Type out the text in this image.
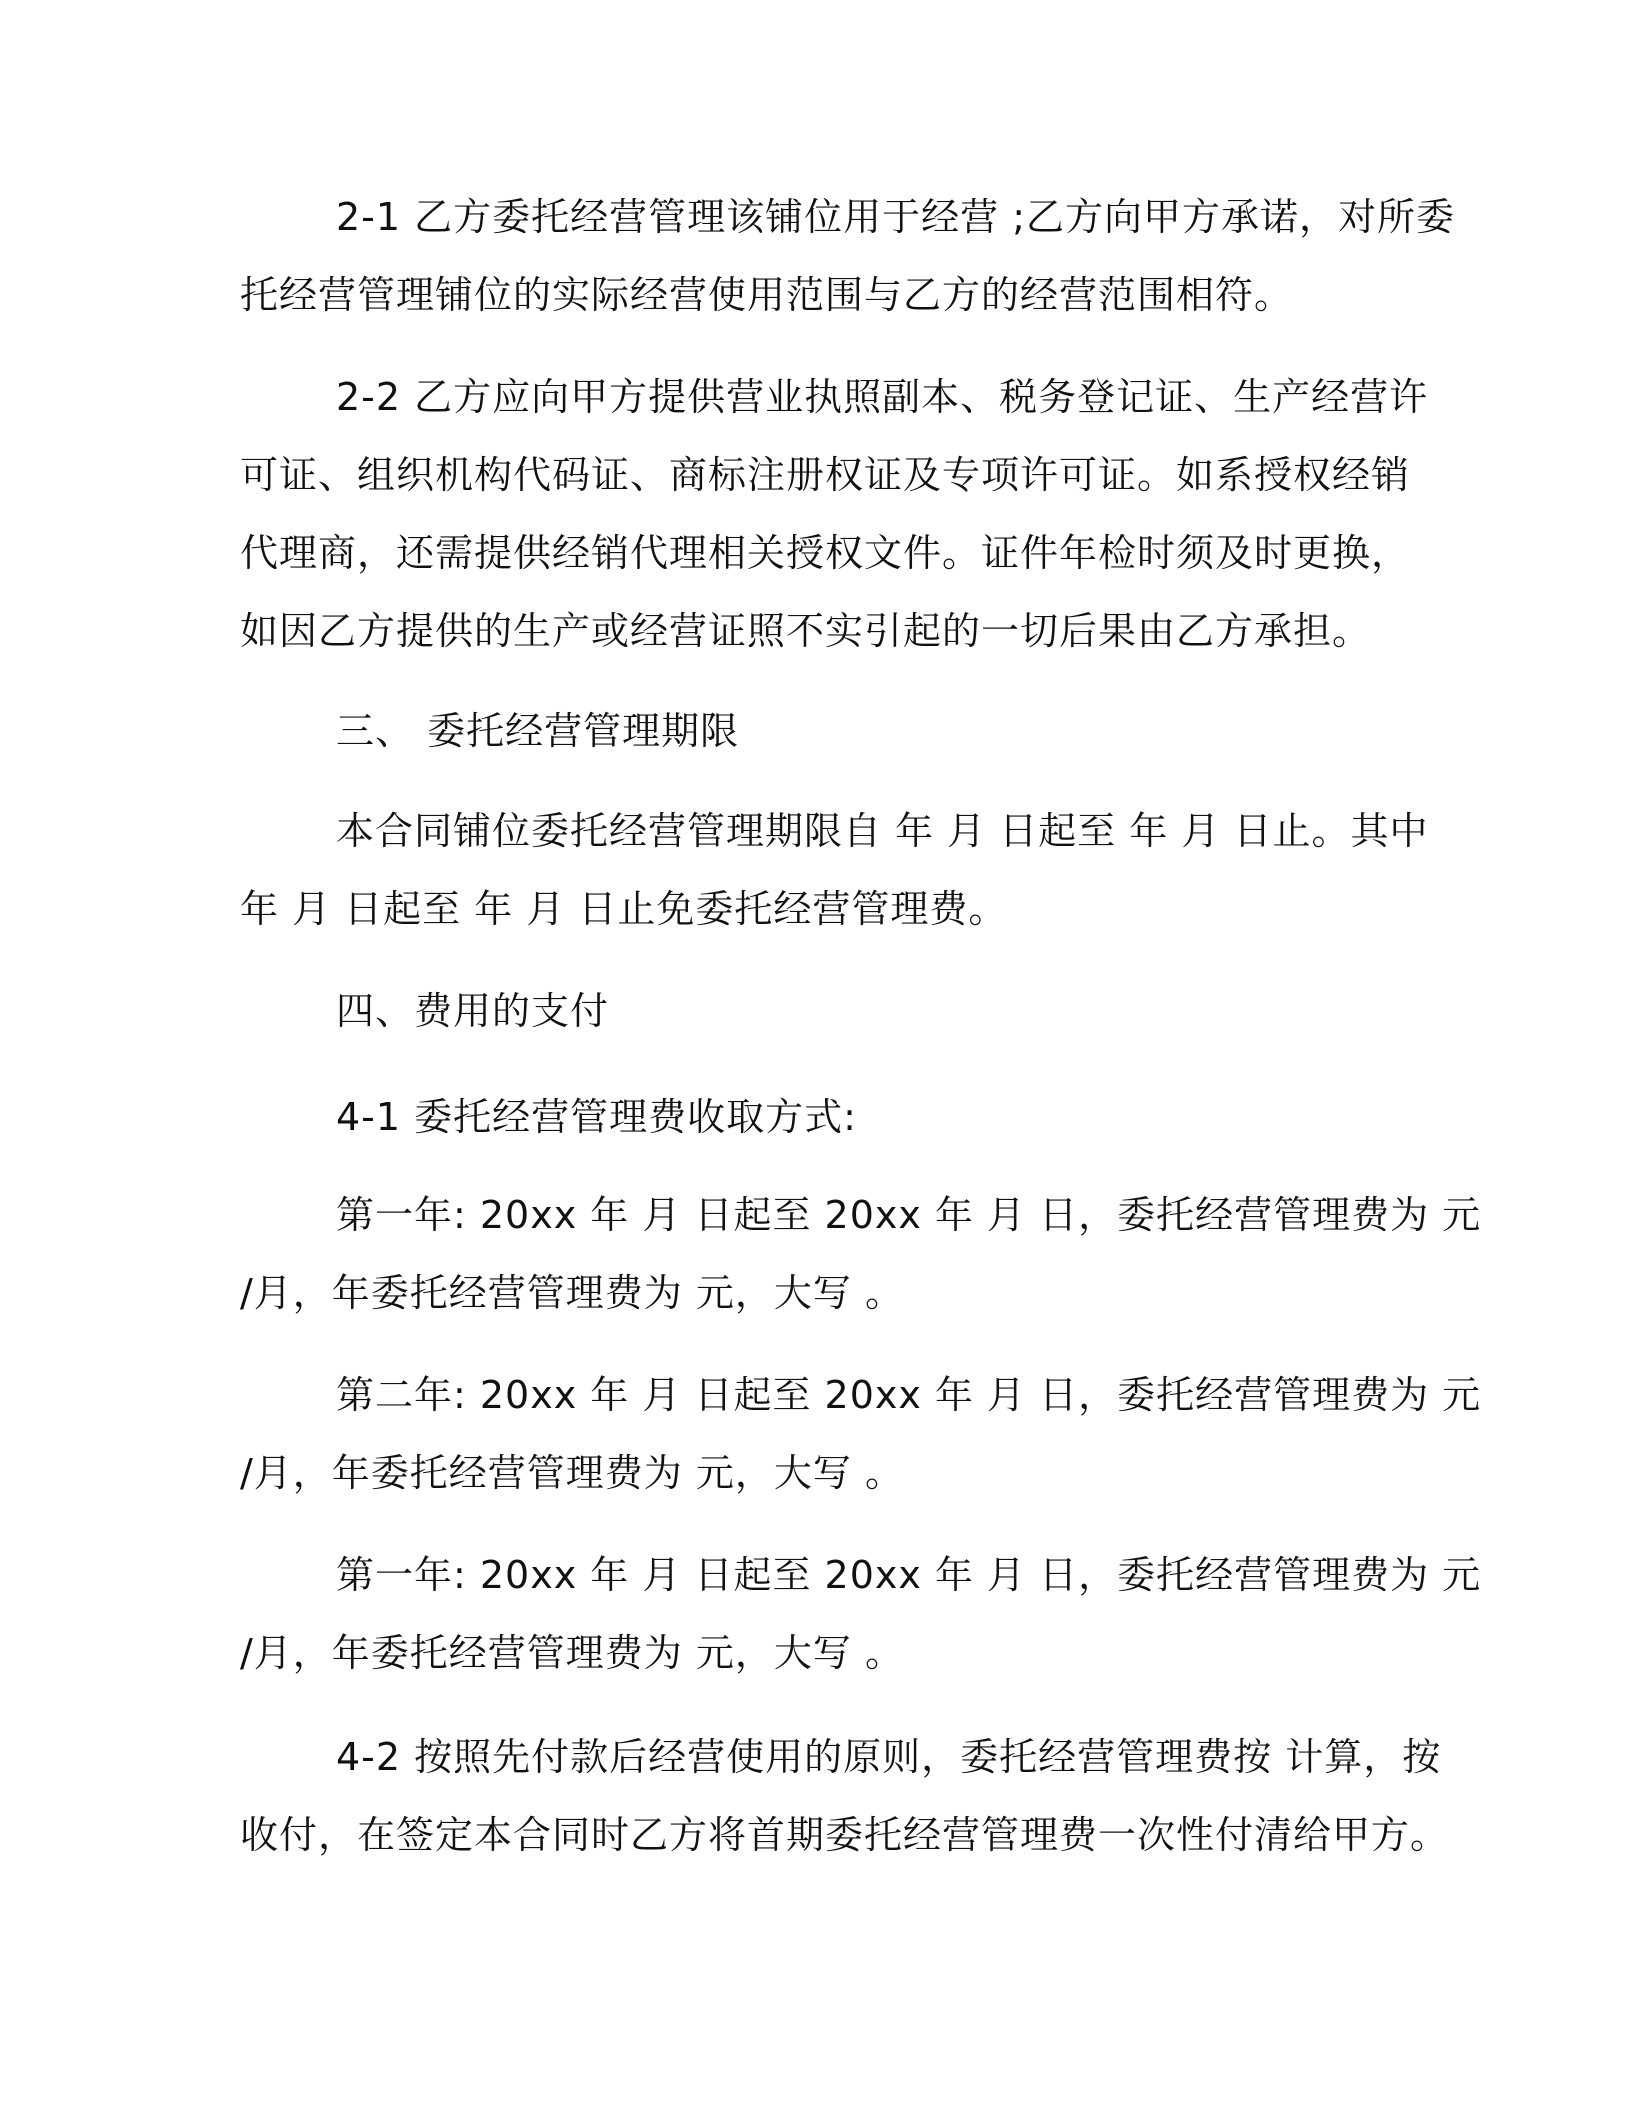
2-1 乙方委托经营管理该铺位用于经营 ;乙方向甲方承诺，对所委
托经营管理铺位的实际经营使用范围与乙方的经营范围相符。
2-2 乙方应向甲方提供营业执照副本、税务登记证、生产经营许
可证、组织机构代码证、商标注册权证及专项许可证。如系授权经销
代理商，还需提供经销代理相关授权文件。证件年检时须及时更换，
如因乙方提供的生产或经营证照不实引起的一切后果由乙方承担。
三、 委托经营管理期限
本合同铺位委托经营管理期限自 年 月 日起至 年 月 日止。其中
年 月 日起至 年 月 日止免委托经营管理费。
四、费用的支付
4-1 委托经营管理费收取方式:
第一年: 20xx 年 月 日起至 20xx 年 月 日，委托经营管理费为 元
/月，年委托经营管理费为 元，大写 。
第二年: 20xx 年 月 日起至 20xx 年 月 日，委托经营管理费为 元
/月，年委托经营管理费为 元，大写 。
第一年: 20xx 年 月 日起至 20xx 年 月 日，委托经营管理费为 元
/月，年委托经营管理费为 元，大写 。
4-2 按照先付款后经营使用的原则，委托经营管理费按 计算，按
收付，在签定本合同时乙方将首期委托经营管理费一次性付清给甲方。
